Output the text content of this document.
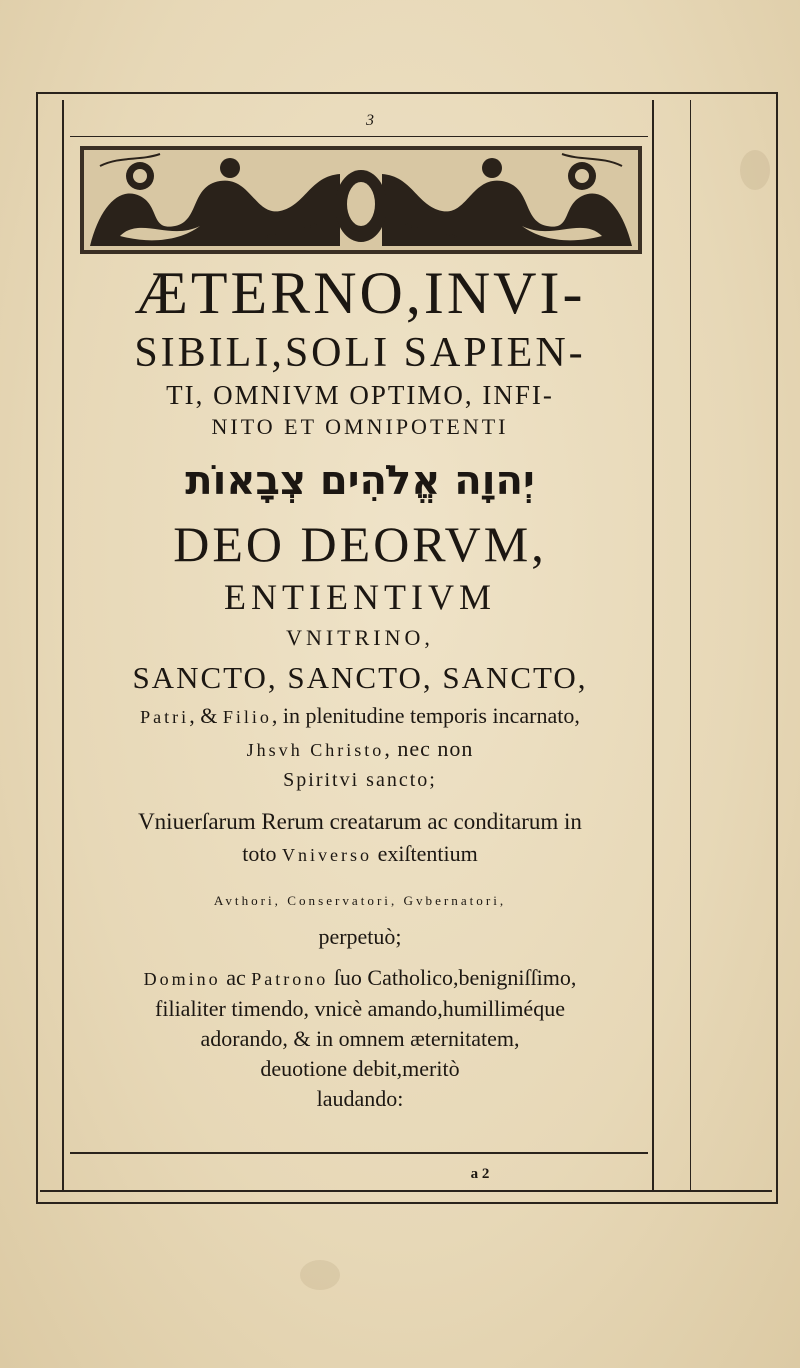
3
ÆTERNO,INVI-
SIBILI,SOLI SAPIEN-
TI, OMNIVM OPTIMO, INFI-
NITO ET OMNIPOTENTI
יְהוָה אֱלֹהִים צְבָאוֹת
DEO DEORVM,
ENTIENTIVM
VNITRINO,
SANCTO, SANCTO, SANCTO,
Patri, & Filio, in plenitudine temporis incarnato,
Jhsvh Christo, nec non
Spiritvi sancto;
Vniuerſarum Rerum creatarum ac conditarum in
toto Vniverso exiſtentium
Avthori, Conservatori, Gvbernatori,
perpetuò;
Domino ac Patrono ſuo Catholico,benigniſſimo,
filialiter timendo, vnicè amando,humilliméque
adorando, & in omnem æternitatem,
deuotione debit,meritò
laudando:
a 2
